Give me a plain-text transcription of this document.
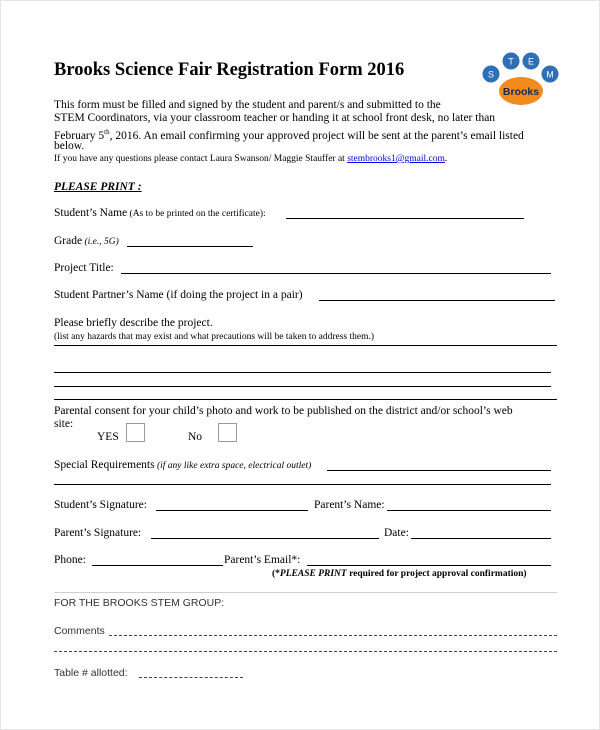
Brooks Science Fair Registration Form 2016	S
T E
M
Brooks
This form must be filled and signed by the student and parent/s and submitted to the
STEM Coordinators, via your classroom teacher or handing it at school front desk, no later than
February 5th, 2016. An email confirming your approved project will be sent at the parent’s email listed
below.
If you have any questions please contact Laura Swanson/ Maggie Stauffer at stembrooks1@gmail.com.
PLEASE PRINT :
Student’s Name (As to be printed on the certificate):
Grade (i.e., 5G)
Project Title:
Student Partner’s Name (if doing the project in a pair)
Please briefly describe the project.
(list any hazards that may exist and what precautions will be taken to address them.)
Parental consent for your child’s photo and work to be published on the district and/or school’s web
site:
YES	No
Special Requirements (if any like extra space, electrical outlet)
Student’s Signature:	Parent’s Name:
Parent’s Signature:	Date:
Phone:	Parent’s Email*:
(*PLEASE PRINT required for project approval confirmation)
FOR THE BROOKS STEM GROUP:
Comments
Table # allotted:
